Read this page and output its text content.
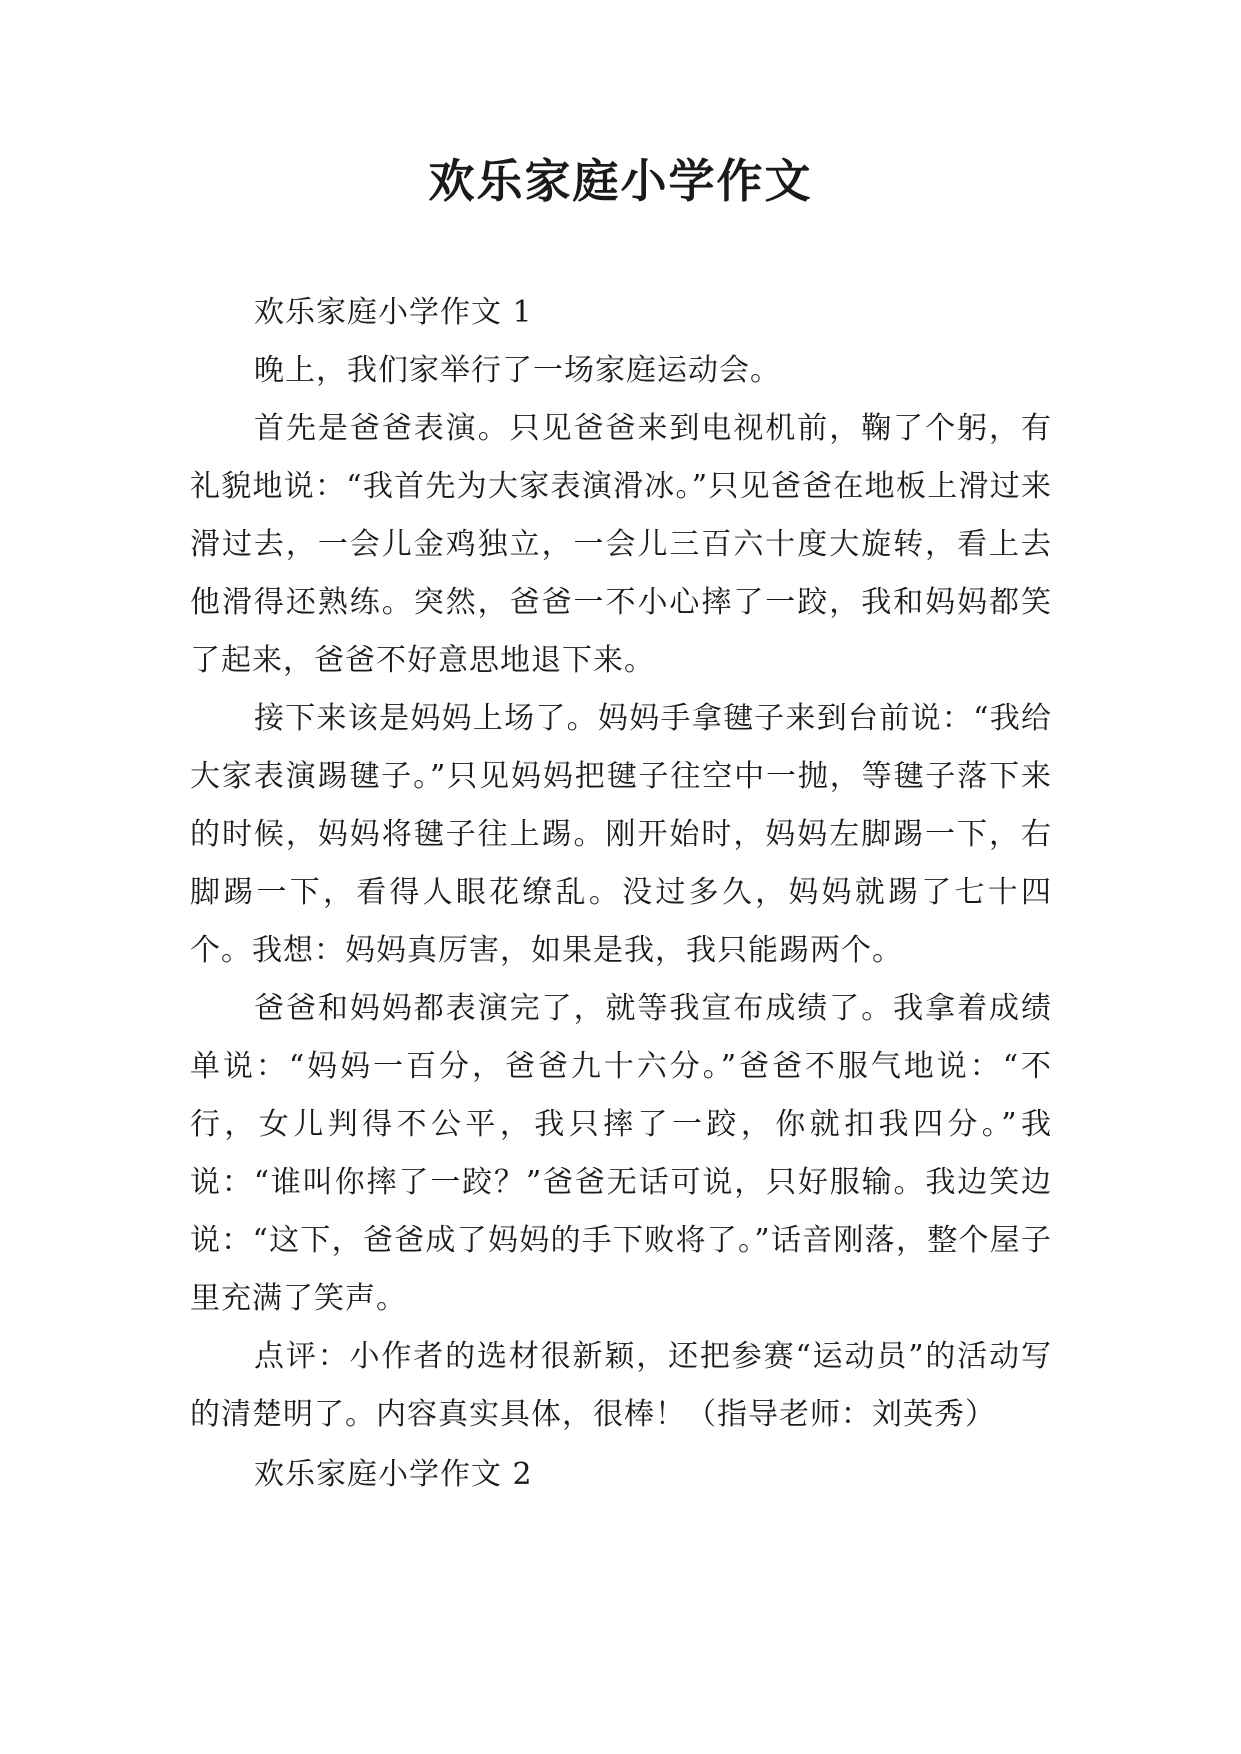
欢乐家庭小学作文

欢乐家庭小学作文 1

晚上，我们家举行了一场家庭运动会。

首先是爸爸表演。只见爸爸来到电视机前，鞠了个躬，有礼貌地说：“我首先为大家表演滑冰。”只见爸爸在地板上滑过来滑过去，一会儿金鸡独立，一会儿三百六十度大旋转，看上去他滑得还熟练。突然，爸爸一不小心摔了一跤，我和妈妈都笑了起来，爸爸不好意思地退下来。

接下来该是妈妈上场了。妈妈手拿毽子来到台前说：“我给大家表演踢毽子。”只见妈妈把毽子往空中一抛，等毽子落下来的时候，妈妈将毽子往上踢。刚开始时，妈妈左脚踢一下，右脚踢一下，看得人眼花缭乱。没过多久，妈妈就踢了七十四个。我想：妈妈真厉害，如果是我，我只能踢两个。

爸爸和妈妈都表演完了，就等我宣布成绩了。我拿着成绩单说：“妈妈一百分，爸爸九十六分。”爸爸不服气地说：“不行，女儿判得不公平，我只摔了一跤，你就扣我四分。”我说：“谁叫你摔了一跤？”爸爸无话可说，只好服输。我边笑边说：“这下，爸爸成了妈妈的手下败将了。”话音刚落，整个屋子里充满了笑声。

点评：小作者的选材很新颖，还把参赛“运动员”的活动写的清楚明了。内容真实具体，很棒！（指导老师：刘英秀）

欢乐家庭小学作文 2
